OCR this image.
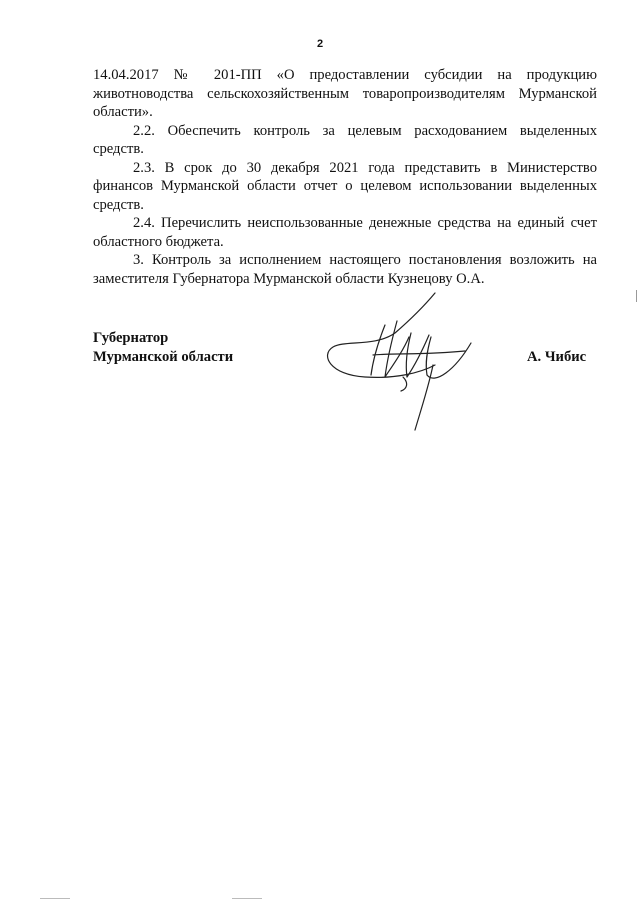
2

14.04.2017 № 201-ПП «О предоставлении субсидии на продукцию животноводства сельскохозяйственным товаропроизводителям Мурманской области».

2.2. Обеспечить контроль за целевым расходованием выделенных средств.

2.3. В срок до 30 декабря 2021 года представить в Министерство финансов Мурманской области отчет о целевом использовании выделенных средств.

2.4. Перечислить неиспользованные денежные средства на единый счет областного бюджета.

3. Контроль за исполнением настоящего постановления возложить на заместителя Губернатора Мурманской области Кузнецову О.А.

Губернатор
Мурманской области	А. Чибис
